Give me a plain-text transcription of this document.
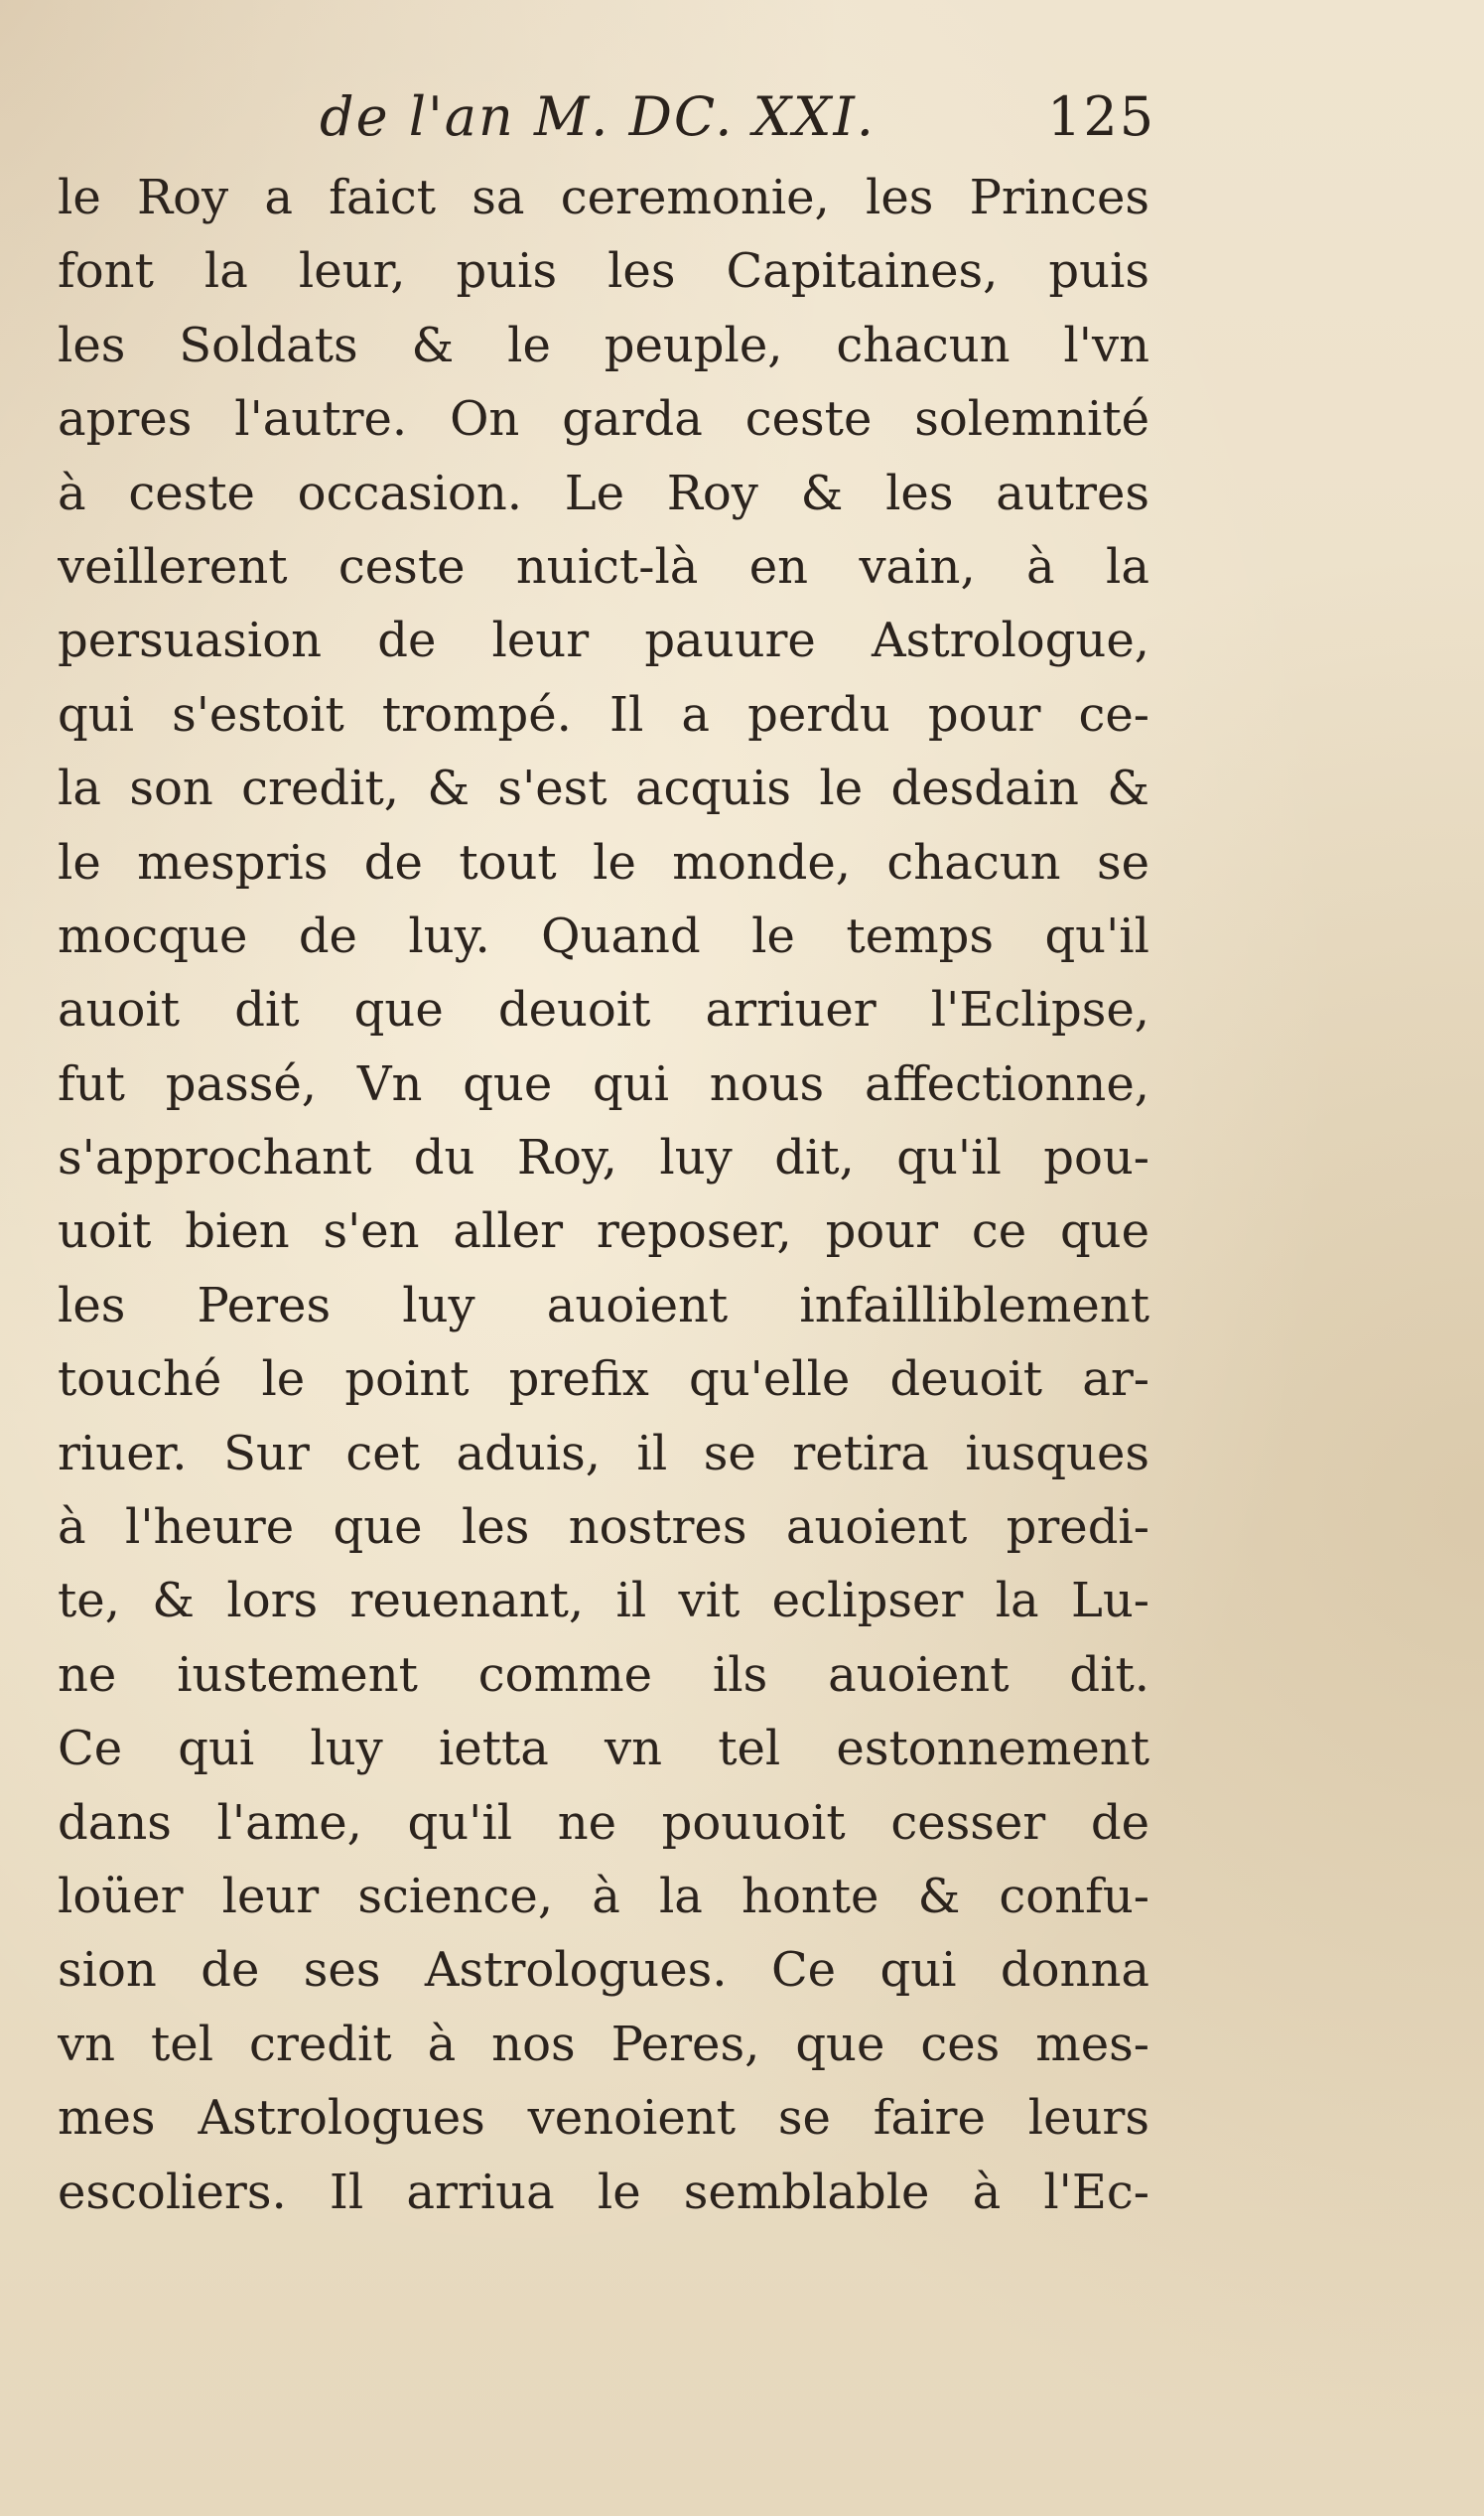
de l'an M. DC. XXI.	125
le Roy a faict sa ceremonie, les Princes
font la leur, puis les Capitaines, puis
les Soldats & le peuple, chacun l'vn
apres l'autre. On garda ceste solemnité
à ceste occasion. Le Roy & les autres
veillerent ceste nuict-là en vain, à la
persuasion de leur pauure Astrologue,
qui s'estoit trompé. Il a perdu pour ce-
la son credit, & s'est acquis le desdain &
le mespris de tout le monde, chacun se
mocque de luy. Quand le temps qu'il
auoit dit que deuoit arriuer l'Eclipse,
fut passé, Vn que qui nous affectionne,
s'approchant du Roy, luy dit, qu'il pou-
uoit bien s'en aller reposer, pour ce que
les Peres luy auoient infailliblement
touché le point prefix qu'elle deuoit ar-
riuer. Sur cet aduis, il se retira iusques
à l'heure que les nostres auoient predi-
te, & lors reuenant, il vit eclipser la Lu-
ne iustement comme ils auoient dit.
Ce qui luy ietta vn tel estonnement
dans l'ame, qu'il ne pouuoit cesser de
loüer leur science, à la honte & confu-
sion de ses Astrologues. Ce qui donna
vn tel credit à nos Peres, que ces mes-
mes Astrologues venoient se faire leurs
escoliers. Il arriua le semblable à l'Ec-
